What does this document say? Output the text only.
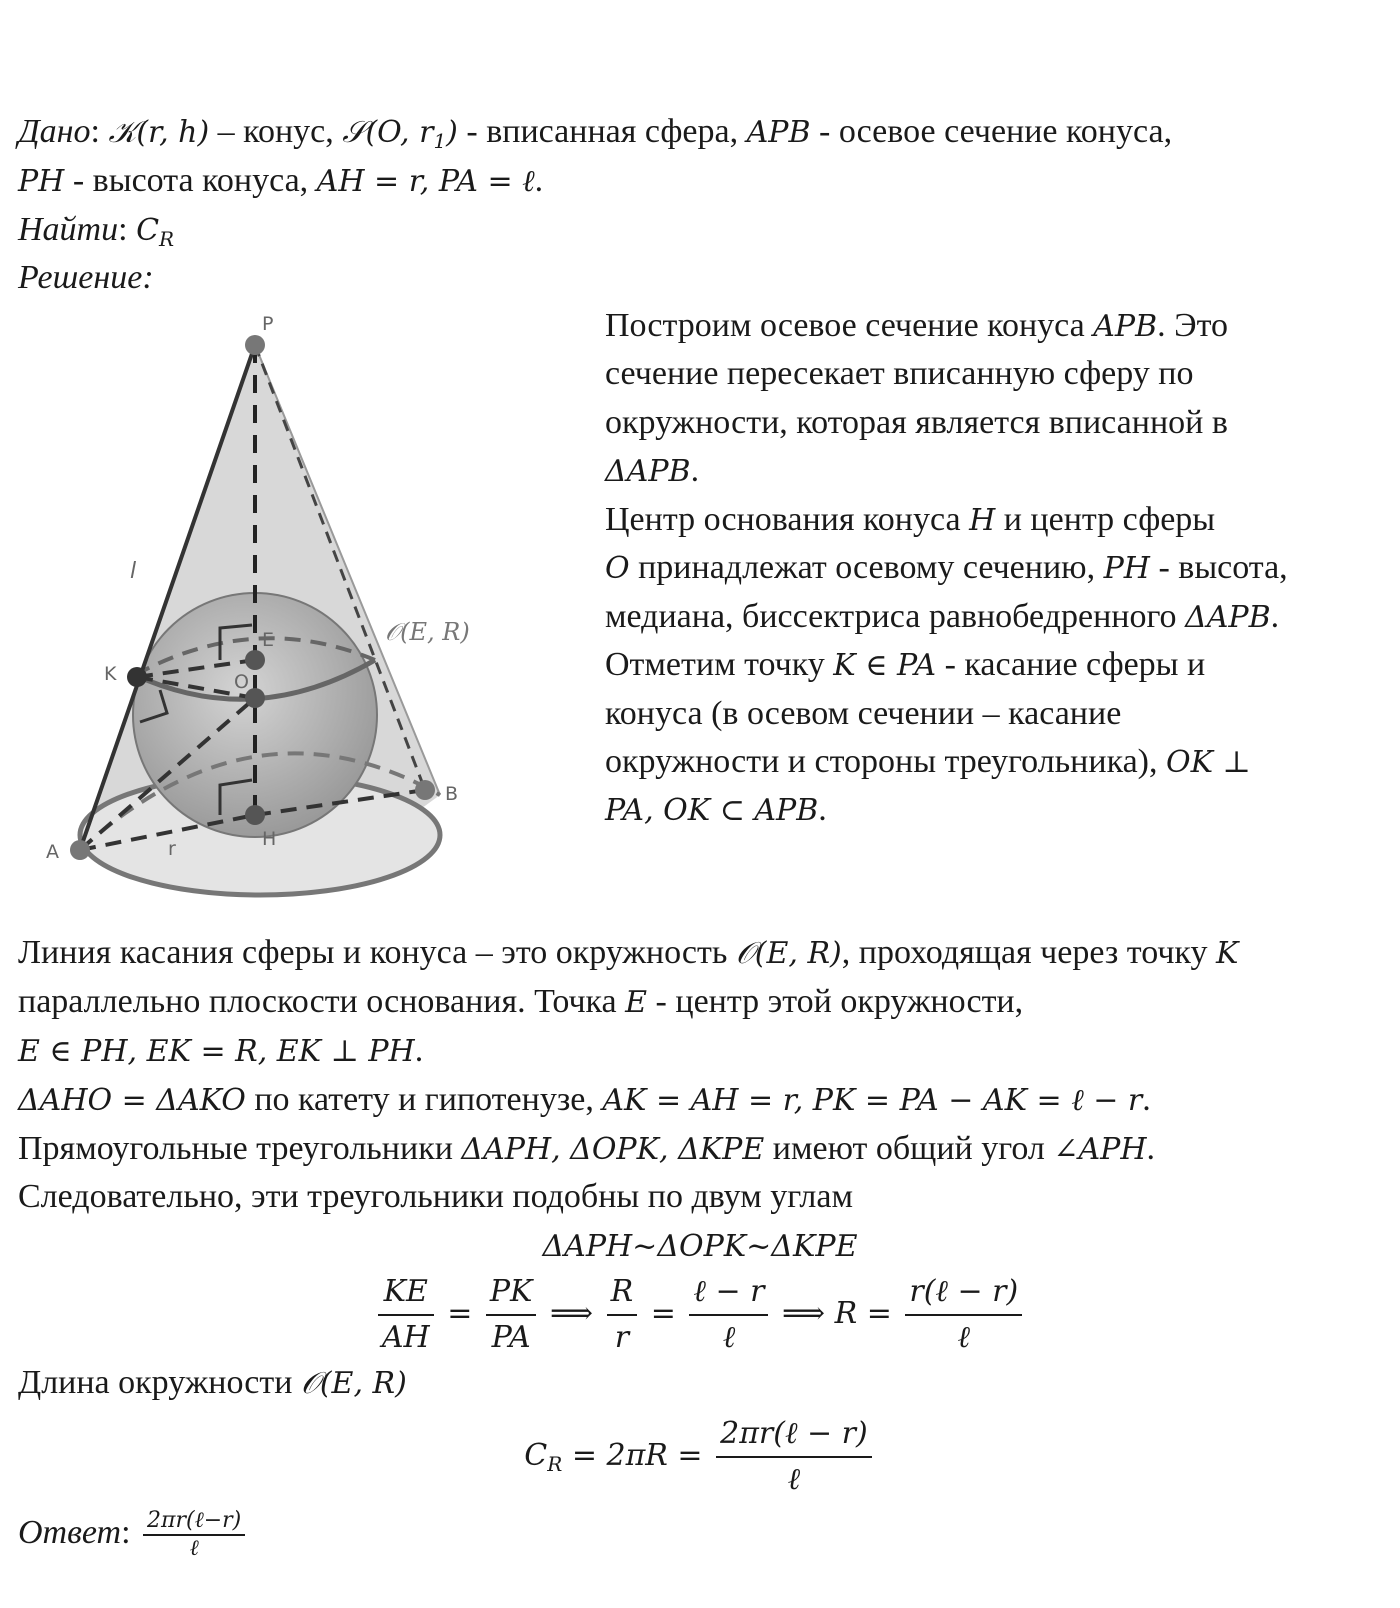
Дано: 𝒦(r, h) – конус, 𝒮(O, $r_1$) - вписанная сфера, APB - осевое сечение конуса,
PH - высота конуса, AH = r, PA = ℓ.
Найти: $C_R$
Решение:
P
E
O
H
K
B
A	r
l
𝒪(E, R)
Построим осевое сечение конуса APB. Это
сечение пересекает вписанную сферу по
окружности, которая является вписанной в
ΔAPB.
Центр основания конуса H и центр сферы
O принадлежат осевому сечению, PH - высота,
медиана, биссектриса равнобедренного ΔAPB.
Отметим точку K ∈ PA - касание сферы и
конуса (в осевом сечении – касание
окружности и стороны треугольника), OK ⊥
PA, OK ⊂ APB.
Линия касания сферы и конуса – это окружность 𝒪(E, R), проходящая через точку K
параллельно плоскости основания. Точка E - центр этой окружности,
E ∈ PH, EK = R, EK ⊥ PH.
ΔAHO = ΔAKO по катету и гипотенузе, AK = AH = r, PK = PA − AK = ℓ − r.
Прямоугольные треугольники ΔAPH, ΔOPK, ΔKPE имеют общий угол ∠APH.
Следовательно, эти треугольники подобны по двум углам
ΔAPH~ΔOPK~ΔKPE
$\frac{KE}{AH} = \frac{PK}{PA}$ ⟹ $\frac{R}{r} = \frac{\text{ℓ − r}}{\text{ℓ}}$ ⟹ $R = \frac{\text{r(ℓ − r)}}{\text{ℓ}}$
Длина окружности 𝒪(E, R)
$C_R = 2\pi R = \frac{\text{2πr(ℓ − r)}}{\text{ℓ}}$
Ответ: $\frac{\text{2πr(ℓ−r)}}{\text{ℓ}}$
